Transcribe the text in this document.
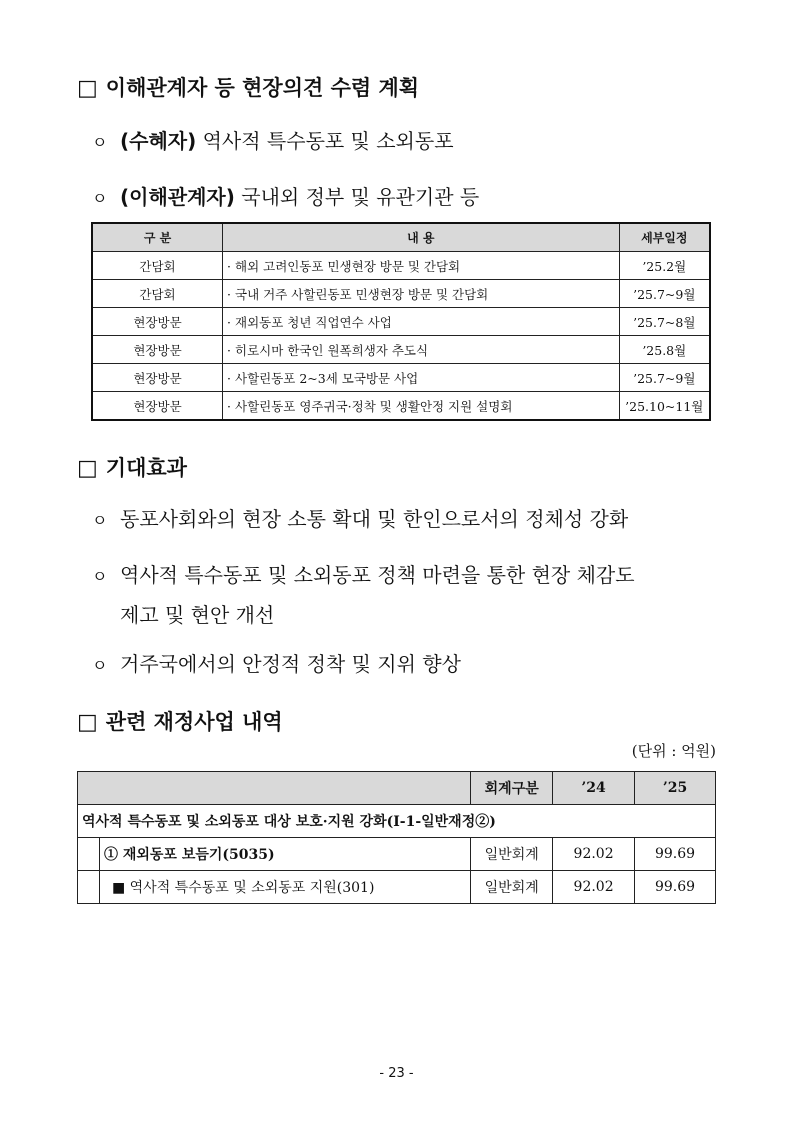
□ 이해관계자 등 현장의견 수렴 계획
ㅇ (수혜자) 역사적 특수동포 및 소외동포
ㅇ (이해관계자) 국내외 정부 및 유관기관 등
구 분	내 용	세부일정
간담회	· 해외 고려인동포 민생현장 방문 및 간담회	’25.2월
간담회	· 국내 거주 사할린동포 민생현장 방문 및 간담회	’25.7~9월
현장방문	· 재외동포 청년 직업연수 사업	’25.7~8월
현장방문	· 히로시마 한국인 원폭희생자 추도식	’25.8월
현장방문	· 사할린동포 2~3세 모국방문 사업	’25.7~9월
현장방문	· 사할린동포 영주귀국·정착 및 생활안정 지원 설명회	’25.10~11월
□ 기대효과
ㅇ 동포사회와의 현장 소통 확대 및 한인으로서의 정체성 강화
ㅇ 역사적 특수동포 및 소외동포 정책 마련을 통한 현장 체감도
제고 및 현안 개선
ㅇ 거주국에서의 안정적 정착 및 지위 향상
□ 관련 재정사업 내역
(단위 : 억원)
		회계구분	’24	’25
역사적 특수동포 및 소외동포 대상 보호·지원 강화(Ⅰ-1-일반재정②)				
	① 재외동포 보듬기(5035)	일반회계	92.02	99.69
	■ 역사적 특수동포 및 소외동포 지원(301)	일반회계	92.02	99.69
- 23 -
